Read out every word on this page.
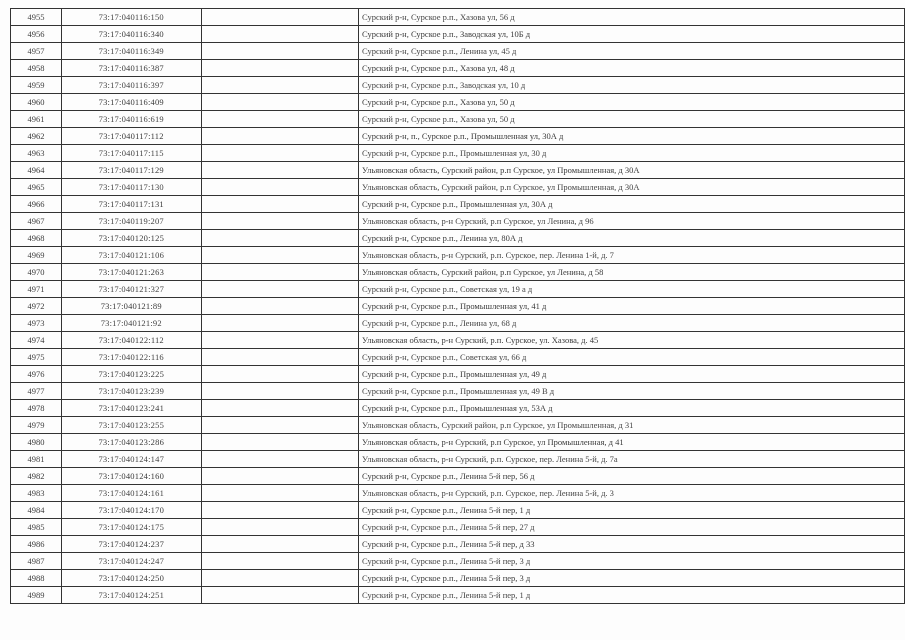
4955	73:17:040116:150		Сурский р-н, Сурское р.п., Хазова ул, 56 д
4956	73:17:040116:340		Сурский р-н, Сурское р.п., Заводская ул, 10Б д
4957	73:17:040116:349		Сурский р-н, Сурское р.п., Ленина ул, 45 д
4958	73:17:040116:387		Сурский р-н, Сурское р.п., Хазова ул, 48 д
4959	73:17:040116:397		Сурский р-н, Сурское р.п., Заводская ул, 10 д
4960	73:17:040116:409		Сурский р-н, Сурское р.п., Хазова ул, 50 д
4961	73:17:040116:619		Сурский р-н, Сурское р.п., Хазова ул, 50 д
4962	73:17:040117:112		Сурский р-н, п., Сурское р.п., Промышленная ул, 30А д
4963	73:17:040117:115		Сурский р-н, Сурское р.п., Промышленная ул, 30 д
4964	73:17:040117:129		Ульяновская область, Сурский район, р.п Сурское, ул Промышленная, д 30А
4965	73:17:040117:130		Ульяновская область, Сурский район, р.п Сурское, ул Промышленная, д 30А
4966	73:17:040117:131		Сурский р-н, Сурское р.п., Промышленная ул, 30А д
4967	73:17:040119:207		Ульяновская область, р-н Сурский, р.п Сурское, ул Ленина, д 96
4968	73:17:040120:125		Сурский р-н, Сурское р.п., Ленина ул, 80А д
4969	73:17:040121:106		Ульяновская область, р-н Сурский, р.п. Сурское, пер. Ленина 1-й, д. 7
4970	73:17:040121:263		Ульяновская область, Сурский район, р.п Сурское, ул Ленина, д 58
4971	73:17:040121:327		Сурский р-н, Сурское р.п., Советская ул, 19 а д
4972	73:17:040121:89		Сурский р-н, Сурское р.п., Промышленная ул, 41 д
4973	73:17:040121:92		Сурский р-н, Сурское р.п., Ленина ул, 68 д
4974	73:17:040122:112		Ульяновская область, р-н Сурский, р.п. Сурское, ул. Хазова, д. 45
4975	73:17:040122:116		Сурский р-н, Сурское р.п., Советская ул, 66 д
4976	73:17:040123:225		Сурский р-н, Сурское р.п., Промышленная ул, 49 д
4977	73:17:040123:239		Сурский р-н, Сурское р.п., Промышленная ул, 49 В д
4978	73:17:040123:241		Сурский р-н, Сурское р.п., Промышленная ул, 53А д
4979	73:17:040123:255		Ульяновская область, Сурский район, р.п Сурское, ул Промышленная, д 31
4980	73:17:040123:286		Ульяновская область, р-н Сурский, р.п Сурское, ул Промышленная, д 41
4981	73:17:040124:147		Ульяновская область, р-н Сурский, р.п. Сурское, пер. Ленина 5-й, д. 7а
4982	73:17:040124:160		Сурский р-н, Сурское р.п., Ленина 5-й пер, 56 д
4983	73:17:040124:161		Ульяновская область, р-н Сурский, р.п. Сурское, пер. Ленина 5-й, д. 3
4984	73:17:040124:170		Сурский р-н, Сурское р.п., Ленина 5-й пер, 1 д
4985	73:17:040124:175		Сурский р-н, Сурское р.п., Ленина 5-й пер, 27 д
4986	73:17:040124:237		Сурский р-н, Сурское р.п., Ленина 5-й пер, д 33
4987	73:17:040124:247		Сурский р-н, Сурское р.п., Ленина 5-й пер, 3 д
4988	73:17:040124:250		Сурский р-н, Сурское р.п., Ленина 5-й пер, 3 д
4989	73:17:040124:251		Сурский р-н, Сурское р.п., Ленина 5-й пер, 1 д
